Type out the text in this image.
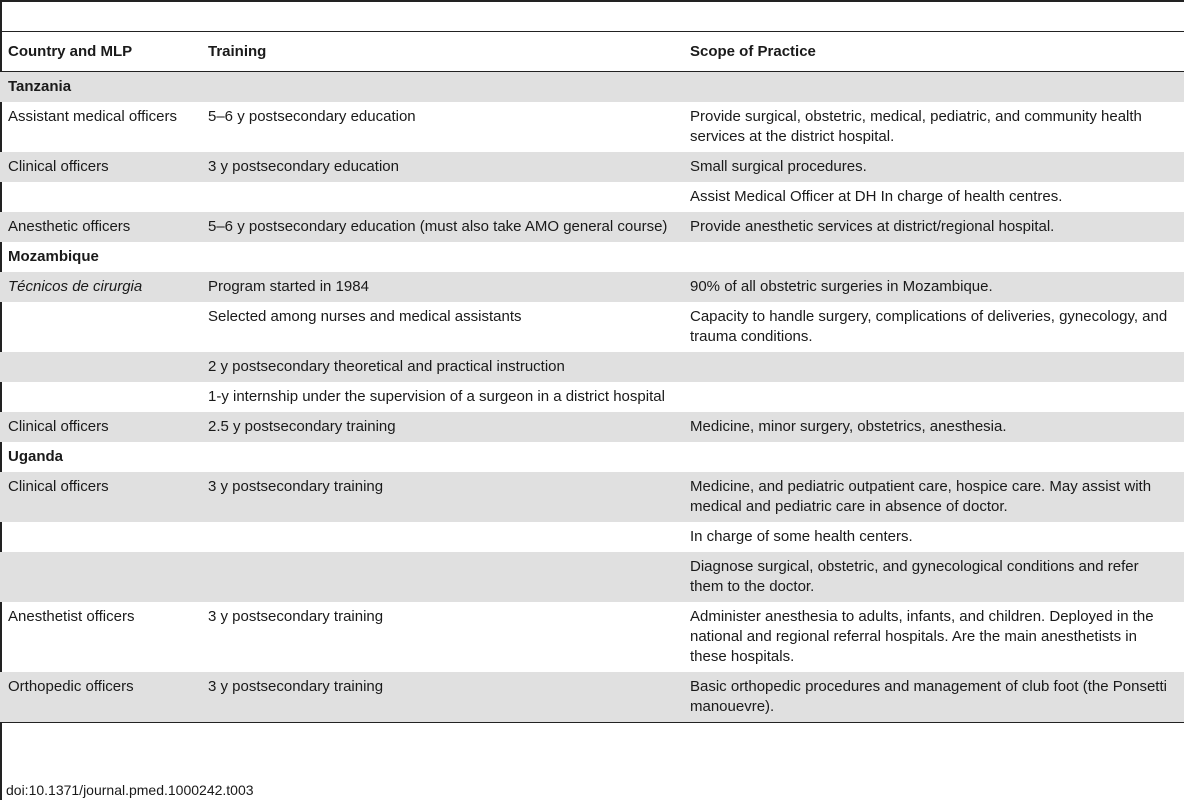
Country and MLP	Training	Scope of Practice
Tanzania		
Assistant medical officers	5–6 y postsecondary education	Provide surgical, obstetric, medical, pediatric, and community health services at the district hospital.
Clinical officers	3 y postsecondary education	Small surgical procedures.
		Assist Medical Officer at DH In charge of health centres.
Anesthetic officers	5–6 y postsecondary education (must also take AMO general course)	Provide anesthetic services at district/regional hospital.
Mozambique		
Técnicos de cirurgia	Program started in 1984	90% of all obstetric surgeries in Mozambique.
	Selected among nurses and medical assistants	Capacity to handle surgery, complications of deliveries, gynecology, and trauma conditions.
	2 y postsecondary theoretical and practical instruction	
	1-y internship under the supervision of a surgeon in a district hospital	
Clinical officers	2.5 y postsecondary training	Medicine, minor surgery, obstetrics, anesthesia.
Uganda		
Clinical officers	3 y postsecondary training	Medicine, and pediatric outpatient care, hospice care. May assist with medical and pediatric care in absence of doctor.
		In charge of some health centers.
		Diagnose surgical, obstetric, and gynecological conditions and refer them to the doctor.
Anesthetist officers	3 y postsecondary training	Administer anesthesia to adults, infants, and children. Deployed in the national and regional referral hospitals. Are the main anesthetists in these hospitals.
Orthopedic officers	3 y postsecondary training	Basic orthopedic procedures and management of club foot (the Ponsetti manouevre).
doi:10.1371/journal.pmed.1000242.t003
